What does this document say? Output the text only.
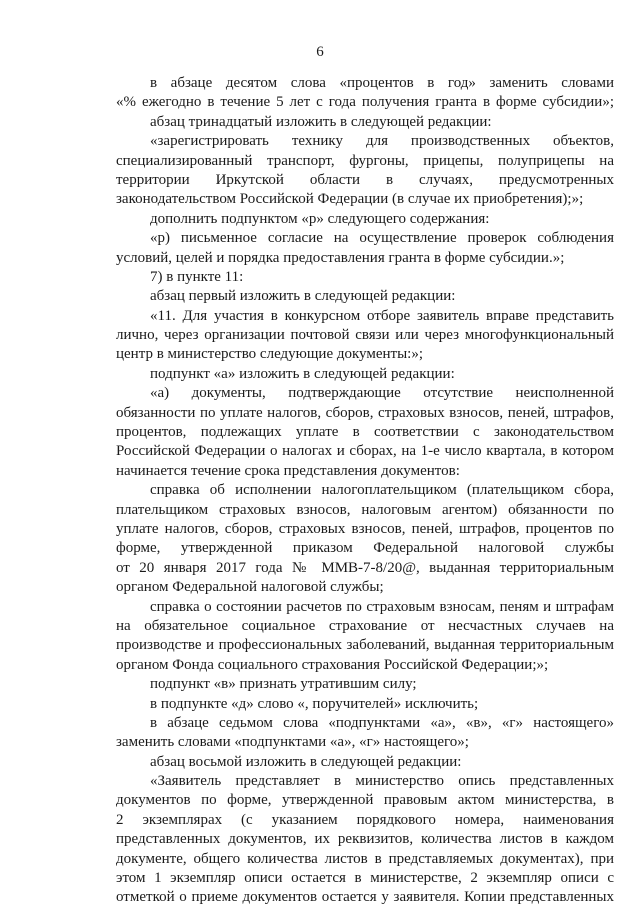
6
в абзаце десятом слова «процентов в год» заменить словами
«% ежегодно в течение 5 лет с года получения гранта в форме субсидии»;
абзац тринадцатый изложить в следующей редакции:
«зарегистрировать технику для производственных объектов,
специализированный транспорт, фургоны, прицепы, полуприцепы на
территории Иркутской области в случаях, предусмотренных
законодательством Российской Федерации (в случае их приобретения);»;
дополнить подпунктом «р» следующего содержания:
«р) письменное согласие на осуществление проверок соблюдения
условий, целей и порядка предоставления гранта в форме субсидии.»;
7) в пункте 11:
абзац первый изложить в следующей редакции:
«11. Для участия в конкурсном отборе заявитель вправе представить
лично, через организации почтовой связи или через многофункциональный
центр в министерство следующие документы:»;
подпункт «а» изложить в следующей редакции:
«а) документы, подтверждающие отсутствие неисполненной
обязанности по уплате налогов, сборов, страховых взносов, пеней, штрафов,
процентов, подлежащих уплате в соответствии с законодательством
Российской Федерации о налогах и сборах, на 1-е число квартала, в котором
начинается течение срока представления документов:
справка об исполнении налогоплательщиком (плательщиком сбора,
плательщиком страховых взносов, налоговым агентом) обязанности по
уплате налогов, сборов, страховых взносов, пеней, штрафов, процентов по
форме, утвержденной приказом Федеральной налоговой службы
от 20 января 2017 года № ММВ-7-8/20@, выданная территориальным
органом Федеральной налоговой службы;
справка о состоянии расчетов по страховым взносам, пеням и штрафам
на обязательное социальное страхование от несчастных случаев на
производстве и профессиональных заболеваний, выданная территориальным
органом Фонда социального страхования Российской Федерации;»;
подпункт «в» признать утратившим силу;
в подпункте «д» слово «, поручителей» исключить;
в абзаце седьмом слова «подпунктами «а», «в», «г» настоящего»
заменить словами «подпунктами «а», «г» настоящего»;
абзац восьмой изложить в следующей редакции:
«Заявитель представляет в министерство опись представленных
документов по форме, утвержденной правовым актом министерства, в
2 экземплярах (с указанием порядкового номера, наименования
представленных документов, их реквизитов, количества листов в каждом
документе, общего количества листов в представляемых документах), при
этом 1 экземпляр описи остается в министерстве, 2 экземпляр описи с
отметкой о приеме документов остается у заявителя. Копии представленных
